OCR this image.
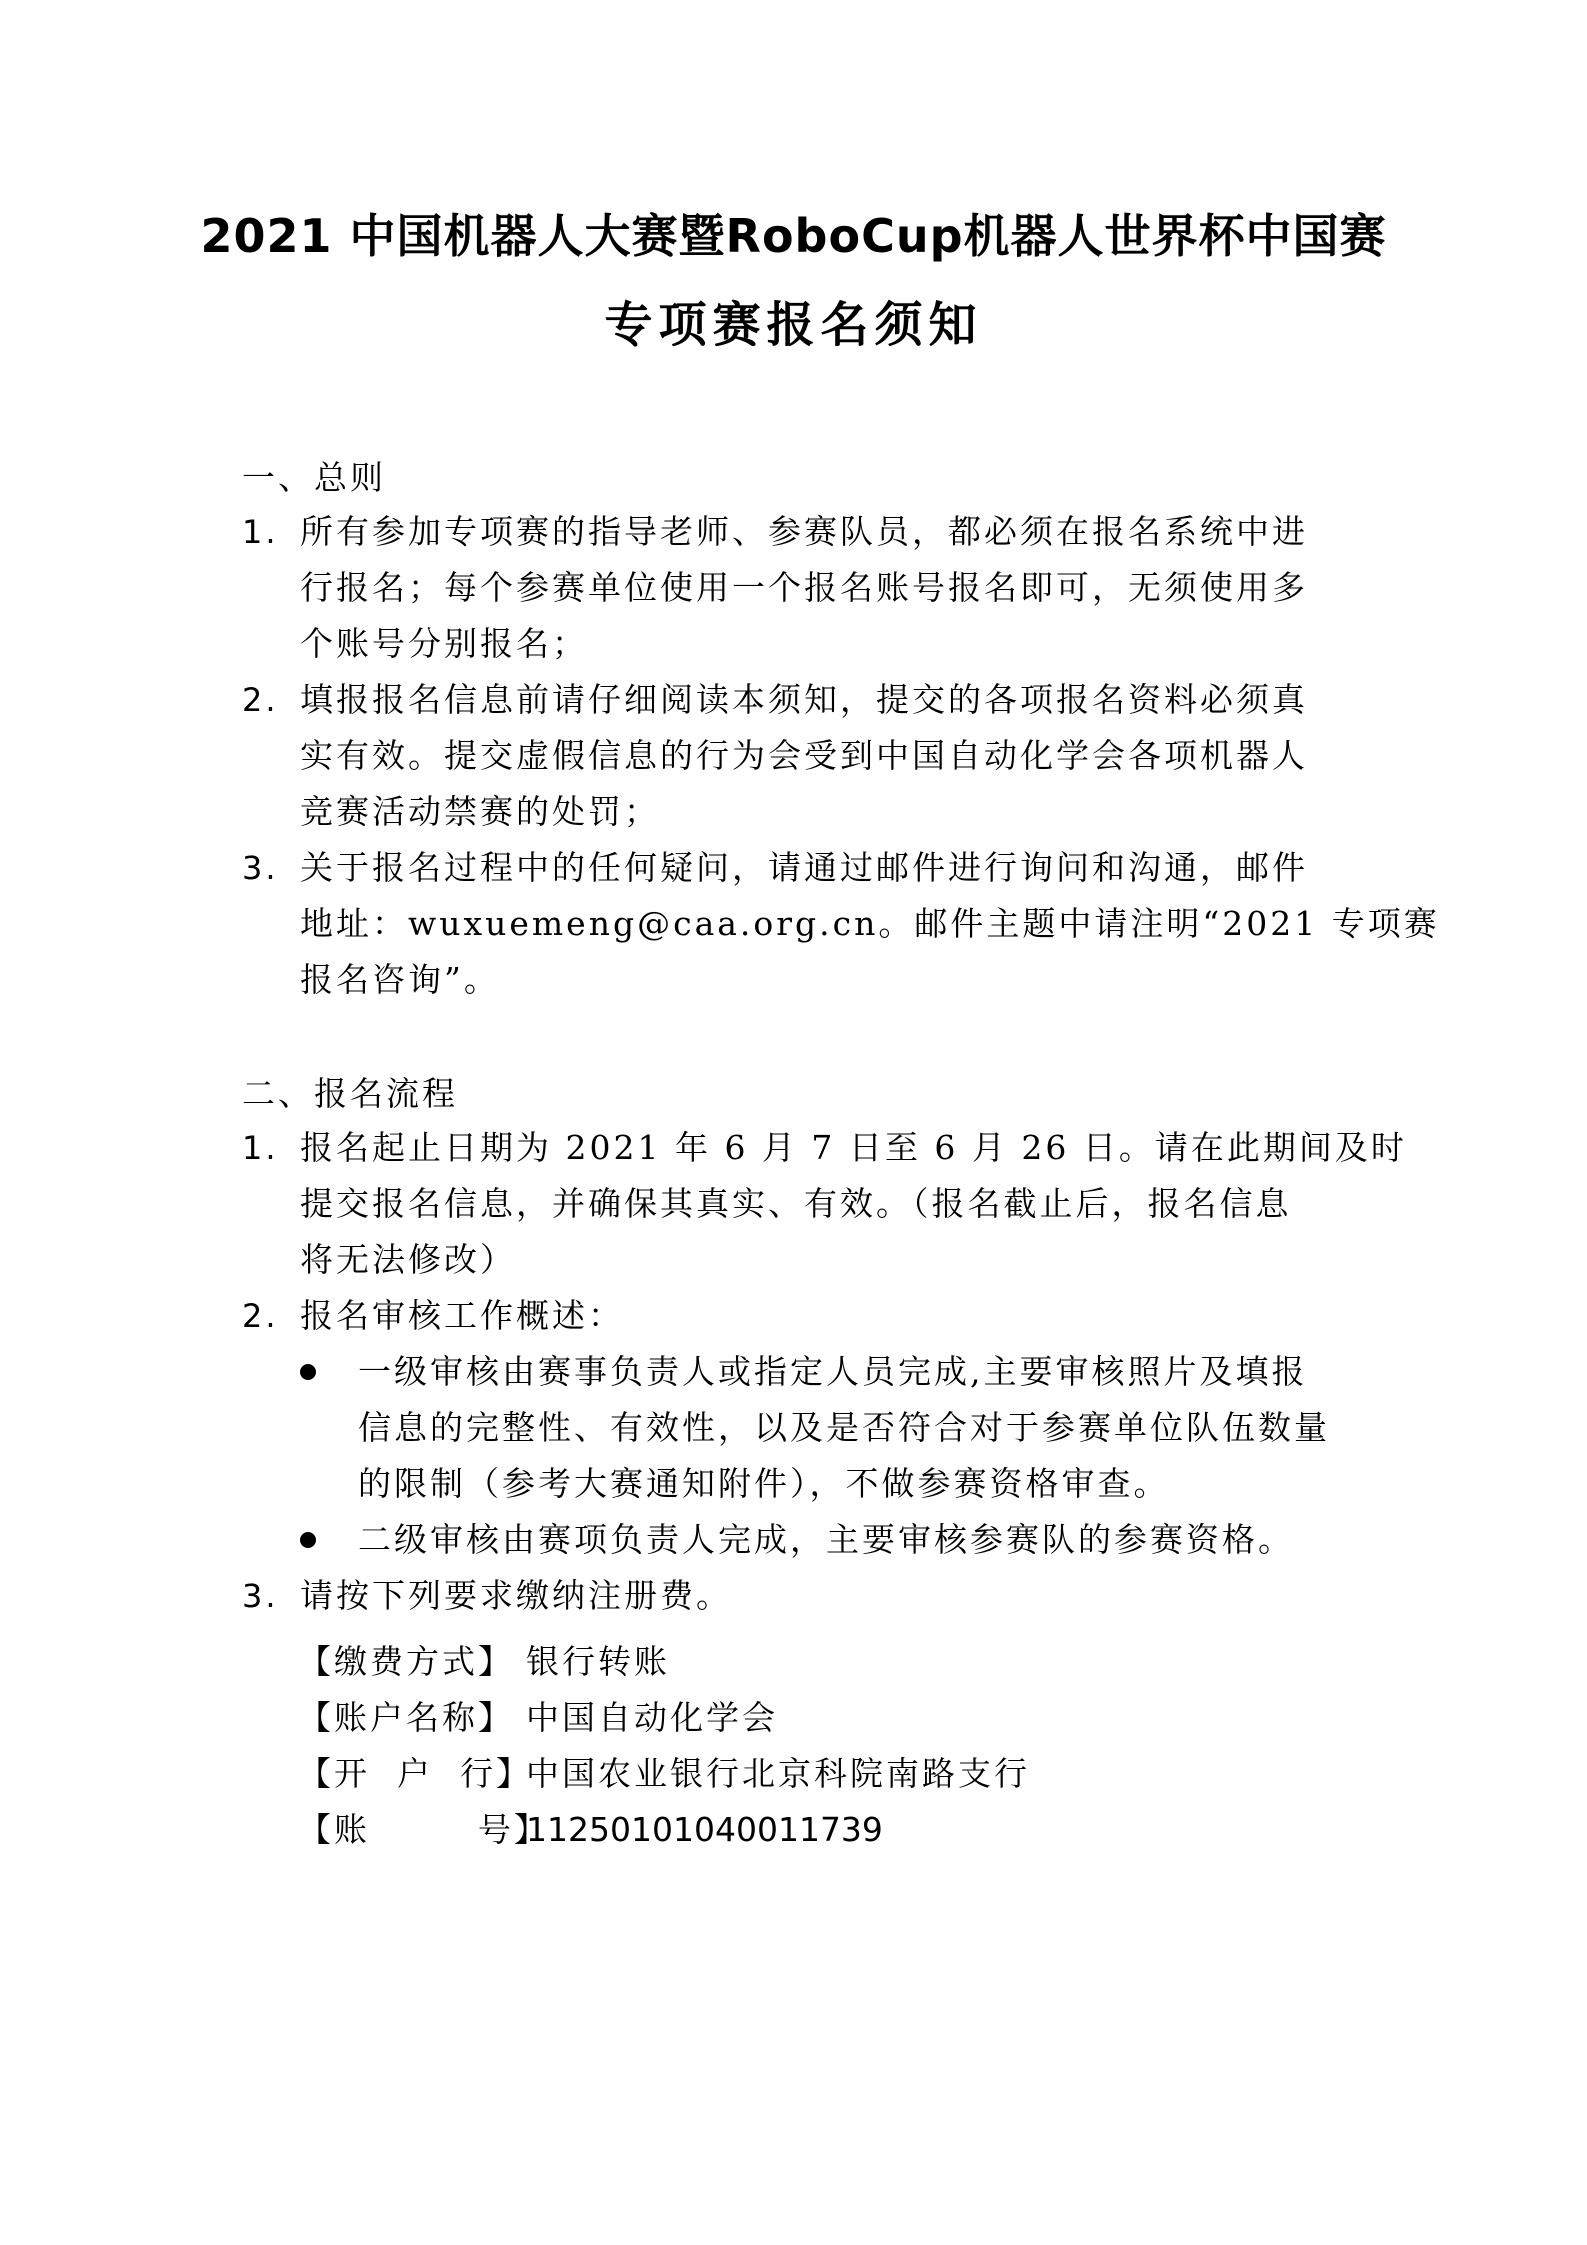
2021 中国机器人大赛暨RoboCup机器人世界杯中国赛
专项赛报名须知
一、总则
1. 所有参加专项赛的指导老师、参赛队员，都必须在报名系统中进
行报名；每个参赛单位使用一个报名账号报名即可，无须使用多
个账号分别报名；
2. 填报报名信息前请仔细阅读本须知，提交的各项报名资料必须真
实有效。提交虚假信息的行为会受到中国自动化学会各项机器人
竞赛活动禁赛的处罚；
3. 关于报名过程中的任何疑问，请通过邮件进行询问和沟通，邮件
地址：wuxuemeng@caa.org.cn。邮件主题中请注明“2021 专项赛
报名咨询”。
二、报名流程
1. 报名起止日期为 2021 年 6 月 7 日至 6 月 26 日。请在此期间及时
提交报名信息，并确保其真实、有效。（报名截止后，报名信息
将无法修改）
2. 报名审核工作概述：
一级审核由赛事负责人或指定人员完成,主要审核照片及填报
信息的完整性、有效性，以及是否符合对于参赛单位队伍数量
的限制（参考大赛通知附件），不做参赛资格审查。
二级审核由赛项负责人完成，主要审核参赛队的参赛资格。
3. 请按下列要求缴纳注册费。
【缴费方式】 银行转账
【账户名称】 中国自动化学会
【开  户  行】中国农业银行北京科院南路支行
【账        号】11250101040011739
